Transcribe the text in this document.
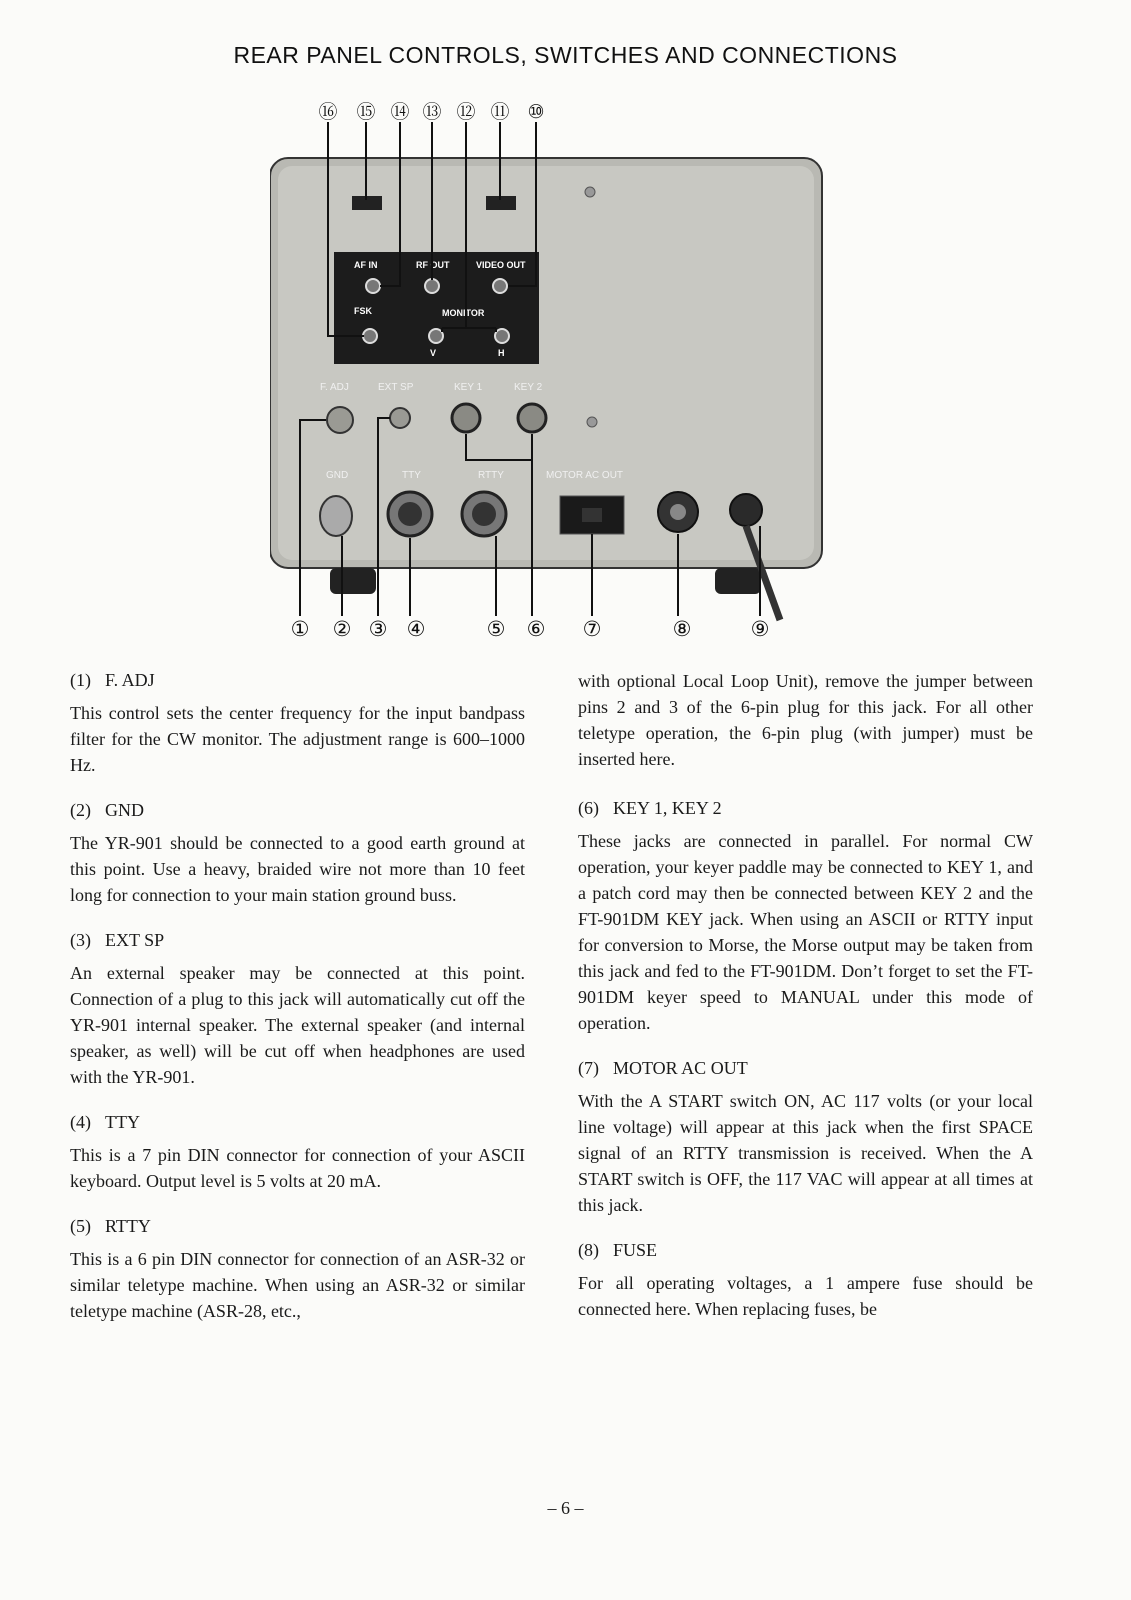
REAR PANEL CONTROLS, SWITCHES AND CONNECTIONS
AF IN	RF OUT	VIDEO OUT
FSK	MONITOR
V	H
F. ADJ	EXT SP	KEY 1	KEY 2
GND	TTY	RTTY	MOTOR AC OUT
⑯ ⑮ ⑭ ⑬ ⑫ ⑪ ⑩
① ② ③ ④	⑤ ⑥ ⑦	⑧	⑨
(1) F. ADJ

This control sets the center frequency for the input bandpass filter for the CW monitor. The adjustment range is 600–1000 Hz.

(2) GND

The YR-901 should be connected to a good earth ground at this point. Use a heavy, braided wire not more than 10 feet long for connection to your main station ground buss.

(3) EXT SP

An external speaker may be connected at this point. Connection of a plug to this jack will automatically cut off the YR-901 internal speaker. The external speaker (and internal speaker, as well) will be cut off when headphones are used with the YR-901.

(4) TTY

This is a 7 pin DIN connector for connection of your ASCII keyboard. Output level is 5 volts at 20 mA.

(5) RTTY

This is a 6 pin DIN connector for connection of an ASR-32 or similar teletype machine. When using an ASR-32 or similar teletype machine (ASR-28, etc.,

with optional Local Loop Unit), remove the jumper between pins 2 and 3 of the 6-pin plug for this jack. For all other teletype operation, the 6-pin plug (with jumper) must be inserted here.

(6) KEY 1, KEY 2

These jacks are connected in parallel. For normal CW operation, your keyer paddle may be connected to KEY 1, and a patch cord may then be connected between KEY 2 and the FT-901DM KEY jack. When using an ASCII or RTTY input for conversion to Morse, the Morse output may be taken from this jack and fed to the FT-901DM. Don’t forget to set the FT-901DM keyer speed to MANUAL under this mode of operation.

(7) MOTOR AC OUT

With the A START switch ON, AC 117 volts (or your local line voltage) will appear at this jack when the first SPACE signal of an RTTY transmission is received. When the A START switch is OFF, the 117 VAC will appear at all times at this jack.

(8) FUSE

For all operating voltages, a 1 ampere fuse should be connected here. When replacing fuses, be

– 6 –
